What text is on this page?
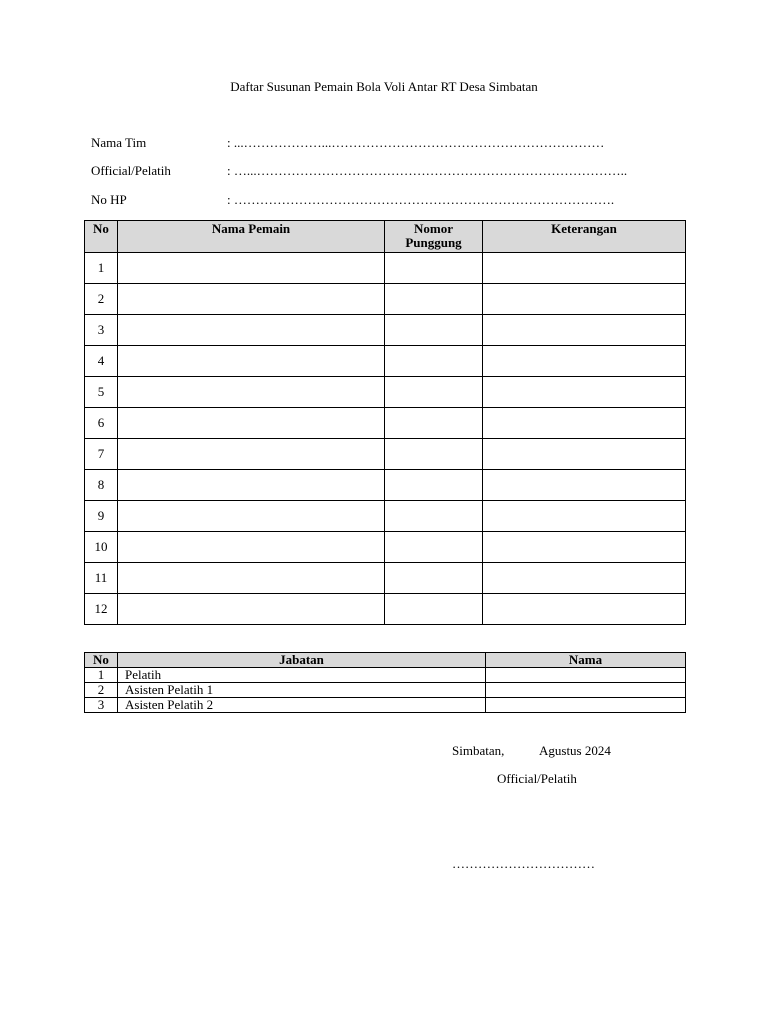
Daftar Susunan Pemain Bola Voli Antar RT Desa Simbatan
Nama Tim	: ...………………...………………………………………………………
Official/Pelatih	: …...…………………………………………………………………………..
No HP	: …………………………………………………………………………….
No	Nama Pemain	Nomor Punggung	Keterangan
1			
2			
3			
4			
5			
6			
7			
8			
9			
10			
11			
12			
No	Jabatan	Nama
1	Pelatih	
2	Asisten Pelatih 1	
3	Asisten Pelatih 2	
Simbatan,	Agustus 2024
Official/Pelatih
……………………………
